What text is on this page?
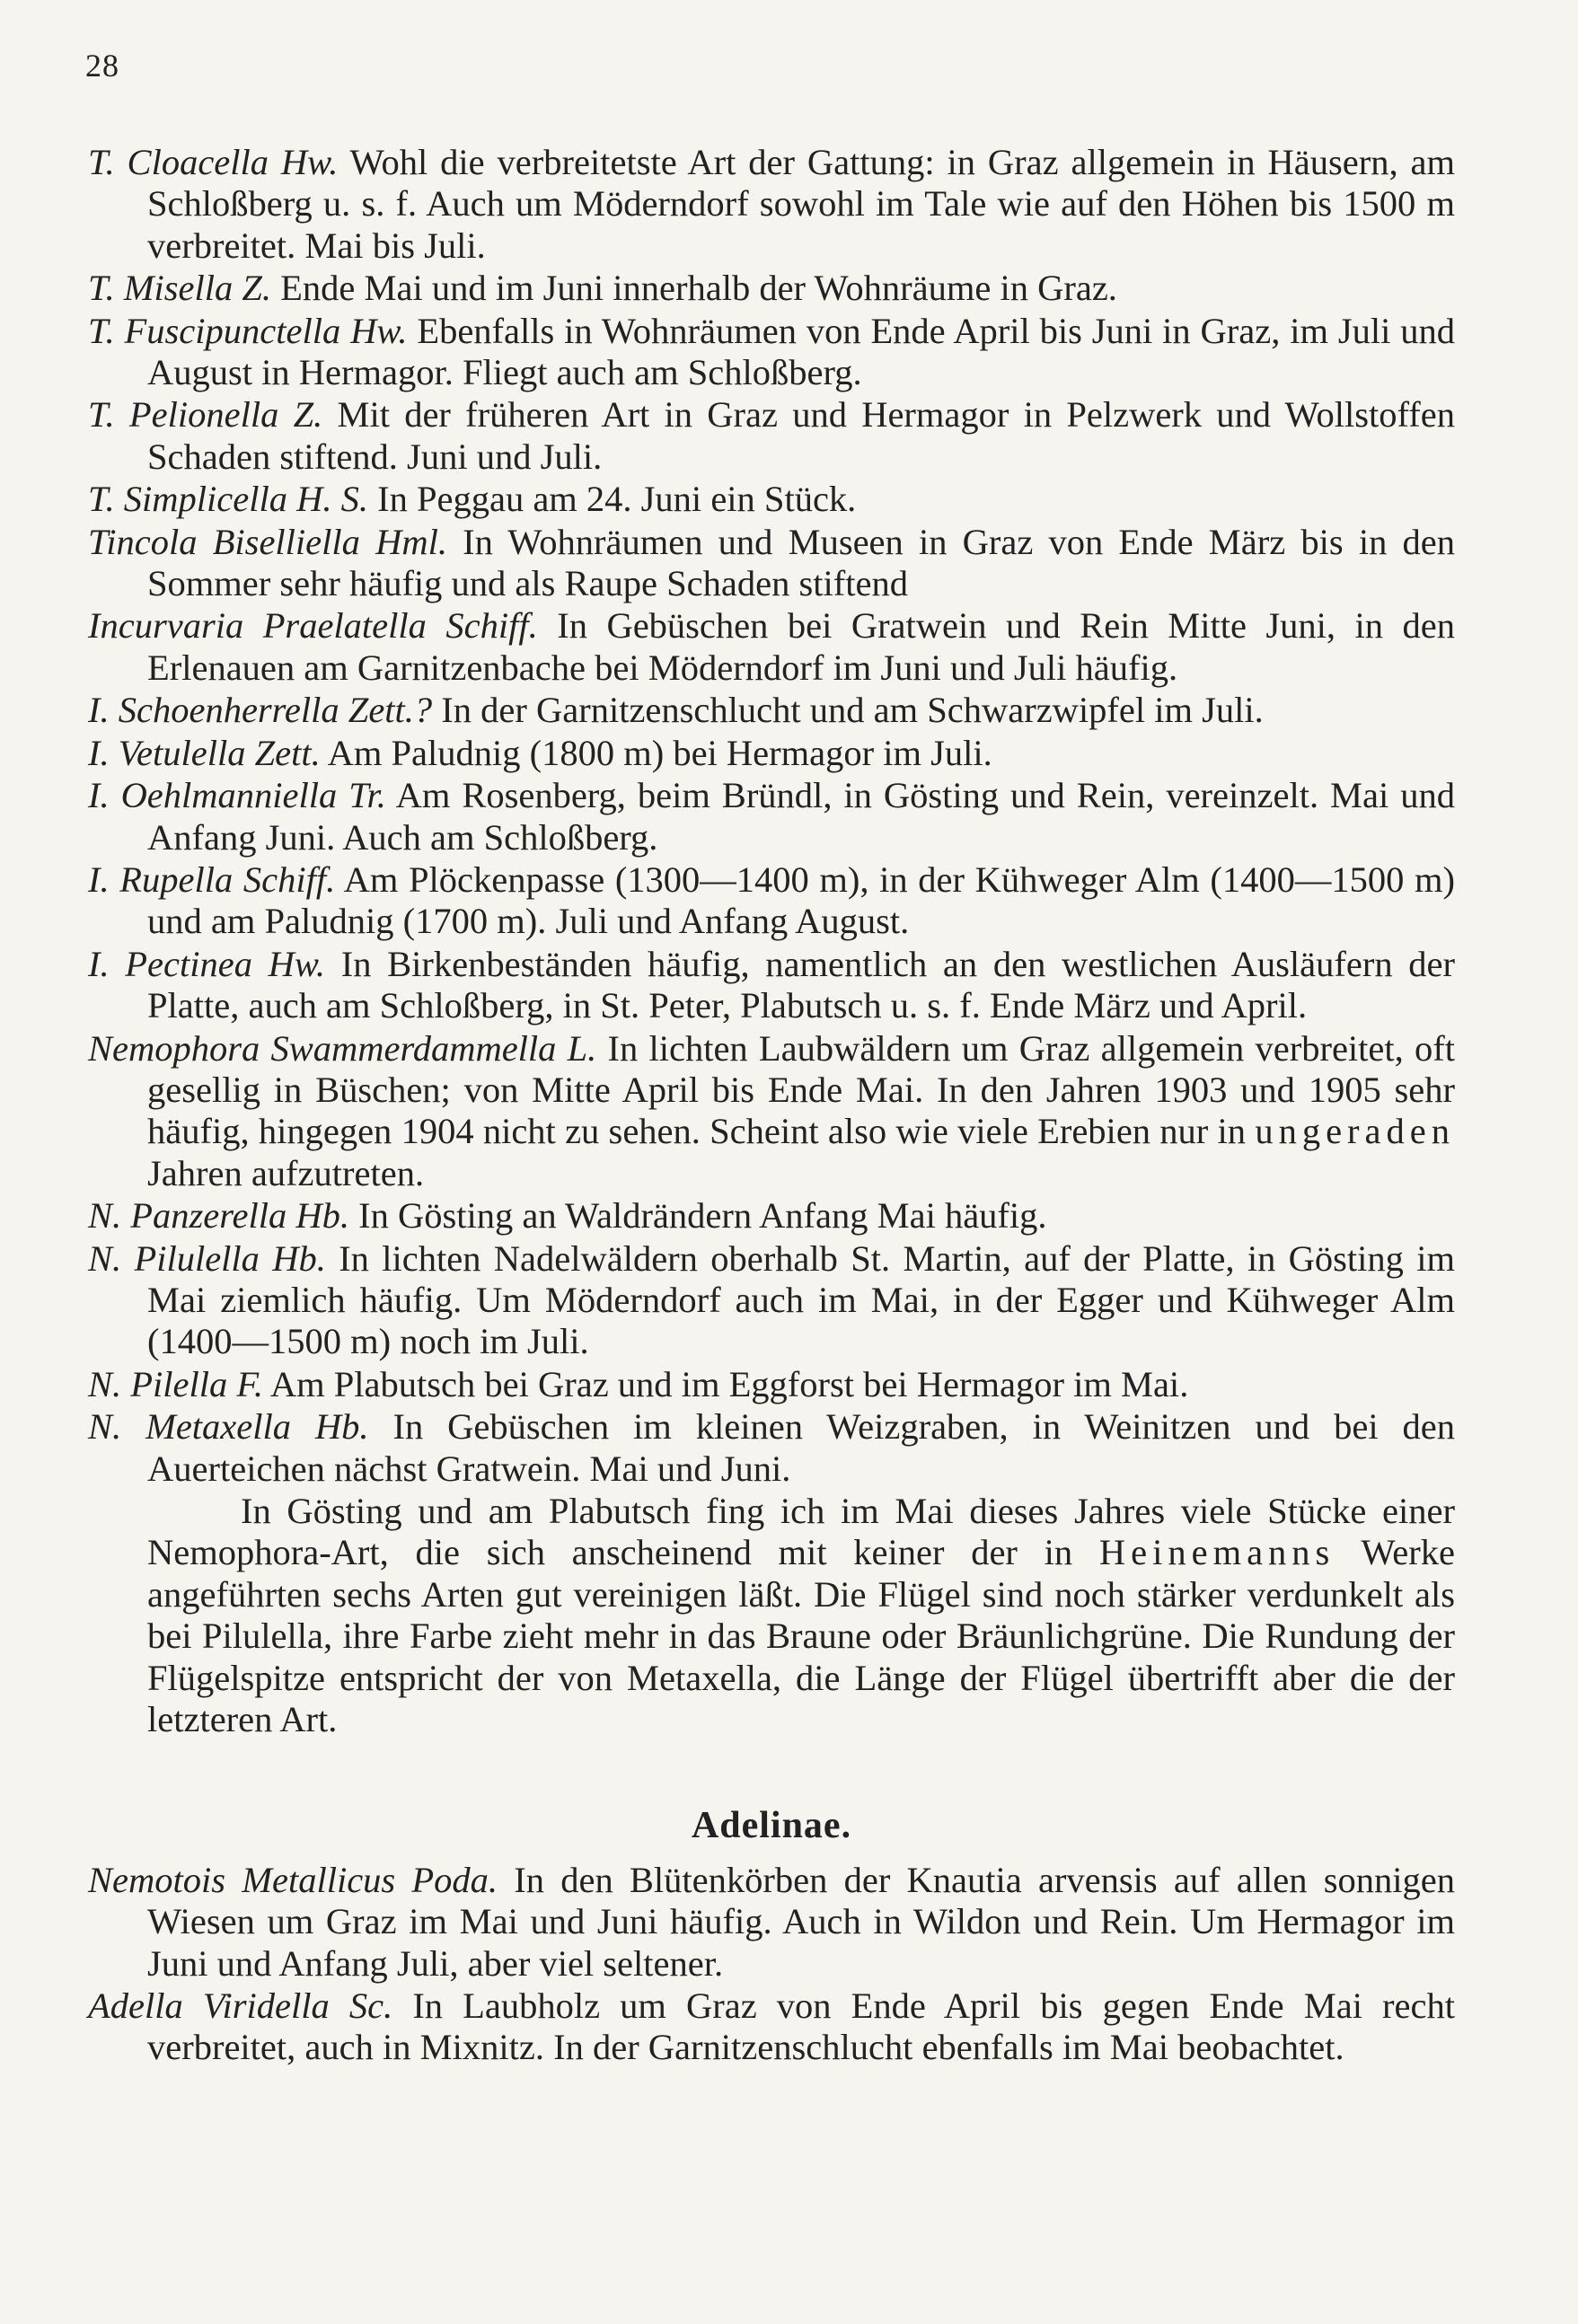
28

T. Cloacella Hw. Wohl die verbreitetste Art der Gattung: in Graz allgemein in Häusern, am Schloßberg u. s. f. Auch um Möderndorf sowohl im Tale wie auf den Höhen bis 1500 m verbreitet. Mai bis Juli.

T. Misella Z. Ende Mai und im Juni innerhalb der Wohnräume in Graz.

T. Fuscipunctella Hw. Ebenfalls in Wohnräumen von Ende April bis Juni in Graz, im Juli und August in Hermagor. Fliegt auch am Schloßberg.

T. Pelionella Z. Mit der früheren Art in Graz und Hermagor in Pelzwerk und Wollstoffen Schaden stiftend. Juni und Juli.

T. Simplicella H. S. In Peggau am 24. Juni ein Stück.

Tincola Biselliella Hml. In Wohnräumen und Museen in Graz von Ende März bis in den Sommer sehr häufig und als Raupe Schaden stiftend

Incurvaria Praelatella Schiff. In Gebüschen bei Gratwein und Rein Mitte Juni, in den Erlenauen am Garnitzenbache bei Möderndorf im Juni und Juli häufig.

I. Schoenherrella Zett.? In der Garnitzenschlucht und am Schwarzwipfel im Juli.

I. Vetulella Zett. Am Paludnig (1800 m) bei Hermagor im Juli.

I. Oehlmanniella Tr. Am Rosenberg, beim Bründl, in Gösting und Rein, vereinzelt. Mai und Anfang Juni. Auch am Schloßberg.

I. Rupella Schiff. Am Plöckenpasse (1300—1400 m), in der Kühweger Alm (1400—1500 m) und am Paludnig (1700 m). Juli und Anfang August.

I. Pectinea Hw. In Birkenbeständen häufig, namentlich an den westlichen Ausläufern der Platte, auch am Schloßberg, in St. Peter, Plabutsch u. s. f. Ende März und April.

Nemophora Swammerdammella L. In lichten Laubwäldern um Graz allgemein verbreitet, oft gesellig in Büschen; von Mitte April bis Ende Mai. In den Jahren 1903 und 1905 sehr häufig, hingegen 1904 nicht zu sehen. Scheint also wie viele Erebien nur in ungeraden Jahren aufzutreten.

N. Panzerella Hb. In Gösting an Waldrändern Anfang Mai häufig.

N. Pilulella Hb. In lichten Nadelwäldern oberhalb St. Martin, auf der Platte, in Gösting im Mai ziemlich häufig. Um Möderndorf auch im Mai, in der Egger und Kühweger Alm (1400—1500 m) noch im Juli.

N. Pilella F. Am Plabutsch bei Graz und im Eggforst bei Hermagor im Mai.

N. Metaxella Hb. In Gebüschen im kleinen Weizgraben, in Weinitzen und bei den Auerteichen nächst Gratwein. Mai und Juni.

In Gösting und am Plabutsch fing ich im Mai dieses Jahres viele Stücke einer Nemophora-Art, die sich anscheinend mit keiner der in Heinemanns Werke angeführten sechs Arten gut vereinigen läßt. Die Flügel sind noch stärker verdunkelt als bei Pilulella, ihre Farbe zieht mehr in das Braune oder Bräunlichgrüne. Die Rundung der Flügelspitze entspricht der von Metaxella, die Länge der Flügel übertrifft aber die der letzteren Art.

Adelinae.

Nemotois Metallicus Poda. In den Blütenkörben der Knautia arvensis auf allen sonnigen Wiesen um Graz im Mai und Juni häufig. Auch in Wildon und Rein. Um Hermagor im Juni und Anfang Juli, aber viel seltener.

Adella Viridella Sc. In Laubholz um Graz von Ende April bis gegen Ende Mai recht verbreitet, auch in Mixnitz. In der Garnitzenschlucht ebenfalls im Mai beobachtet.
